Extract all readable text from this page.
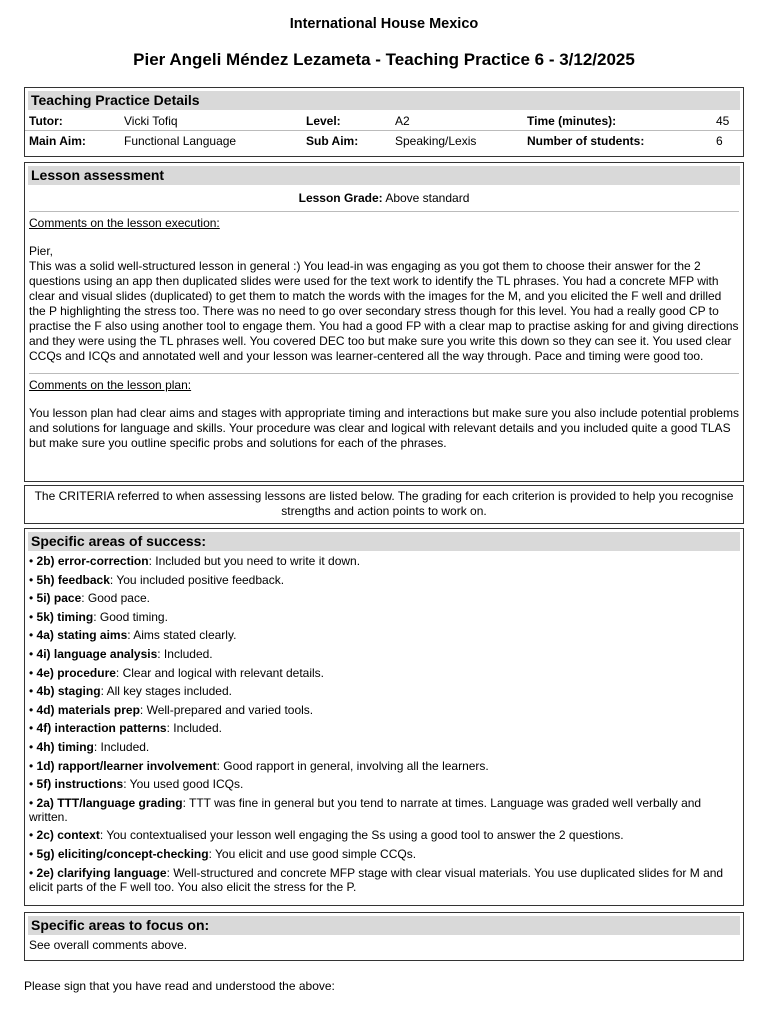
International House Mexico
Pier Angeli Méndez Lezameta - Teaching Practice 6 - 3/12/2025
Teaching Practice Details
Tutor:	Vicki Tofiq	Level:	A2	Time (minutes):	45
Main Aim:	Functional Language	Sub Aim:	Speaking/Lexis	Number of students:	6
Lesson assessment
Lesson Grade: Above standard
Comments on the lesson execution:
Pier,
This was a solid well-structured lesson in general :) You lead-in was engaging as you got them to choose their answer for the 2 questions using an app then duplicated slides were used for the text work to identify the TL phrases. You had a concrete MFP with clear and visual slides (duplicated) to get them to match the words with the images for the M, and you elicited the F well and drilled the P highlighting the stress too. There was no need to go over secondary stress though for this level. You had a really good CP to practise the F also using another tool to engage them. You had a good FP with a clear map to practise asking for and giving directions and they were using the TL phrases well. You covered DEC too but make sure you write this down so they can see it. You used clear CCQs and ICQs and annotated well and your lesson was learner-centered all the way through. Pace and timing were good too.
Comments on the lesson plan:
You lesson plan had clear aims and stages with appropriate timing and interactions but make sure you also include potential problems and solutions for language and skills. Your procedure was clear and logical with relevant details and you included quite a good TLAS but make sure you outline specific probs and solutions for each of the phrases.
The CRITERIA referred to when assessing lessons are listed below. The grading for each criterion is provided to help you recognise strengths and action points to work on.
Specific areas of success:
• 2b) error-correction: Included but you need to write it down.
• 5h) feedback: You included positive feedback.
• 5i) pace: Good pace.
• 5k) timing: Good timing.
• 4a) stating aims: Aims stated clearly.
• 4i) language analysis: Included.
• 4e) procedure: Clear and logical with relevant details.
• 4b) staging: All key stages included.
• 4d) materials prep: Well-prepared and varied tools.
• 4f) interaction patterns: Included.
• 4h) timing: Included.
• 1d) rapport/learner involvement: Good rapport in general, involving all the learners.
• 5f) instructions: You used good ICQs.
• 2a) TTT/language grading: TTT was fine in general but you tend to narrate at times. Language was graded well verbally and written.
• 2c) context: You contextualised your lesson well engaging the Ss using a good tool to answer the 2 questions.
• 5g) eliciting/concept-checking: You elicit and use good simple CCQs.
• 2e) clarifying language: Well-structured and concrete MFP stage with clear visual materials. You use duplicated slides for M and elicit parts of the F well too. You also elicit the stress for the P.
Specific areas to focus on:
See overall comments above.
Please sign that you have read and understood the above:
